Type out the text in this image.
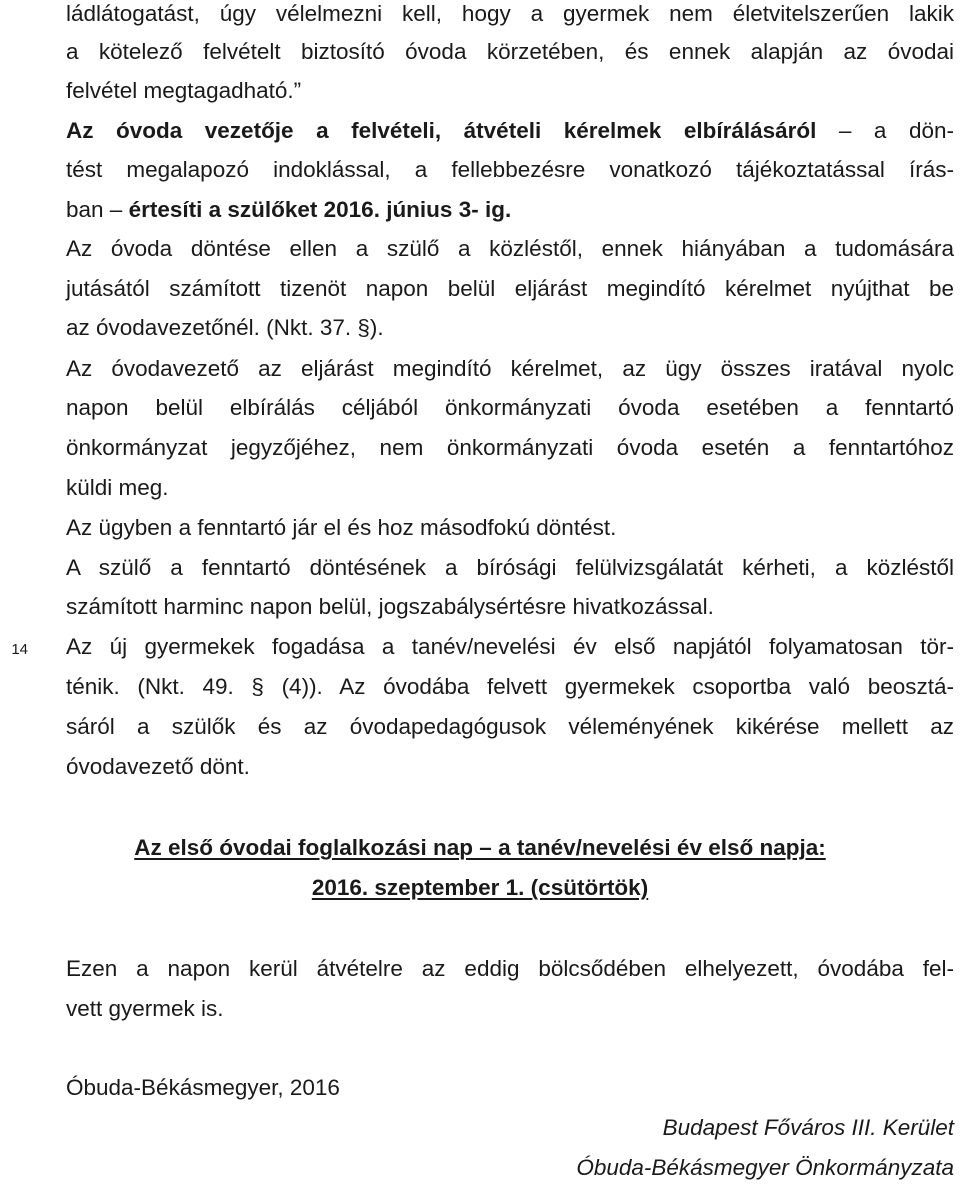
14
ládlátogatást, úgy vélelmezni kell, hogy a gyermek nem életvitelszerűen lakik
a kötelező felvételt biztosító óvoda körzetében, és ennek alapján az óvodai
felvétel megtagadható.”
Az óvoda vezetője a felvételi, átvételi kérelmek elbírálásáról – a dön-
tést megalapozó indoklással, a fellebbezésre vonatkozó tájékoztatással írás-
ban – értesíti a szülőket 2016. június 3- ig.
Az óvoda döntése ellen a szülő a közléstől, ennek hiányában a tudomására
jutásától számított tizenöt napon belül eljárást megindító kérelmet nyújthat be
az óvodavezetőnél. (Nkt. 37. §).
Az óvodavezető az eljárást megindító kérelmet, az ügy összes iratával nyolc
napon belül elbírálás céljából önkormányzati óvoda esetében a fenntartó
önkormányzat jegyzőjéhez, nem önkormányzati óvoda esetén a fenntartóhoz
küldi meg.
Az ügyben a fenntartó jár el és hoz másodfokú döntést.
A szülő a fenntartó döntésének a bírósági felülvizsgálatát kérheti, a közléstől
számított harminc napon belül, jogszabálysértésre hivatkozással.
Az új gyermekek fogadása a tanév/nevelési év első napjától folyamatosan tör-
ténik. (Nkt. 49. § (4)). Az óvodába felvett gyermekek csoportba való beosztá-
sáról a szülők és az óvodapedagógusok véleményének kikérése mellett az
óvodavezető dönt.
Az első óvodai foglalkozási nap – a tanév/nevelési év első napja:
2016. szeptember 1. (csütörtök)
Ezen a napon kerül átvételre az eddig bölcsődében elhelyezett, óvodába fel-
vett gyermek is.
Óbuda-Békásmegyer, 2016
Budapest Főváros III. Kerület
Óbuda-Békásmegyer Önkormányzata
